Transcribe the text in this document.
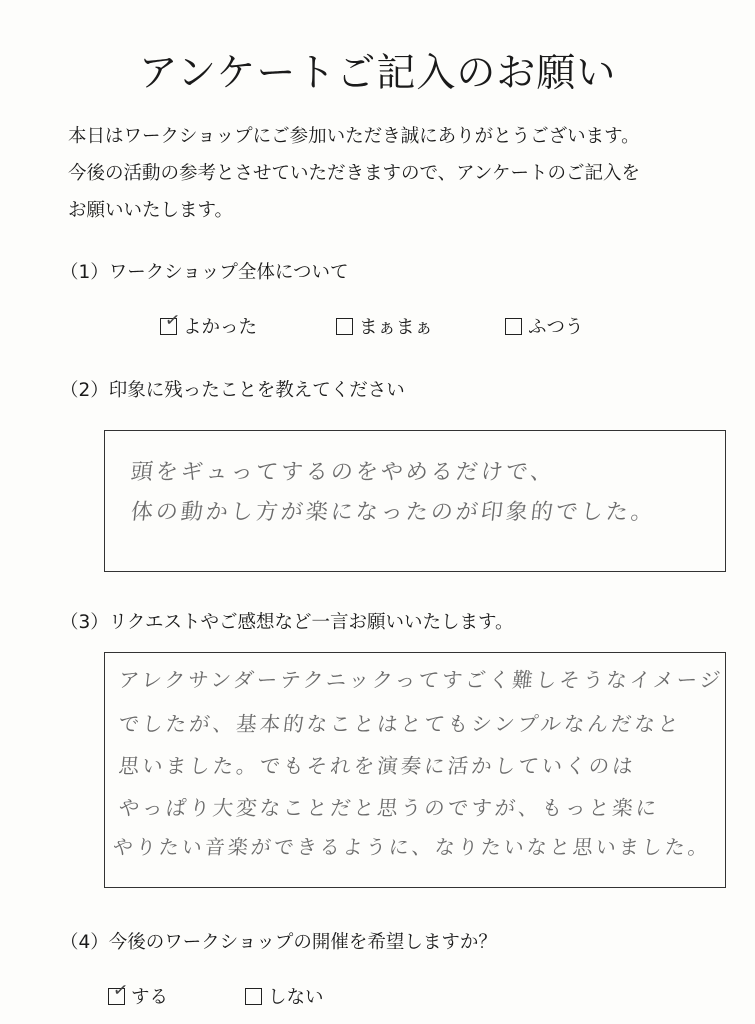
アンケートご記入のお願い
本日はワークショップにご参加いただき誠にありがとうございます。
今後の活動の参考とさせていただきますので、アンケートのご記入を
お願いいたします。
（1）ワークショップ全体について
✓ よかった	まぁまぁ	ふつう
（2）印象に残ったことを教えてください
頭をギュってするのをやめるだけで、
体の動かし方が楽になったのが印象的でした。
（3）リクエストやご感想など一言お願いいたします。
アレクサンダーテクニックってすごく難しそうなイメージ
でしたが、基本的なことはとてもシンプルなんだなと
思いました。でもそれを演奏に活かしていくのは
やっぱり大変なことだと思うのですが、もっと楽に
やりたい音楽ができるように、なりたいなと思いました。
（4）今後のワークショップの開催を希望しますか？
✓ する	しない
